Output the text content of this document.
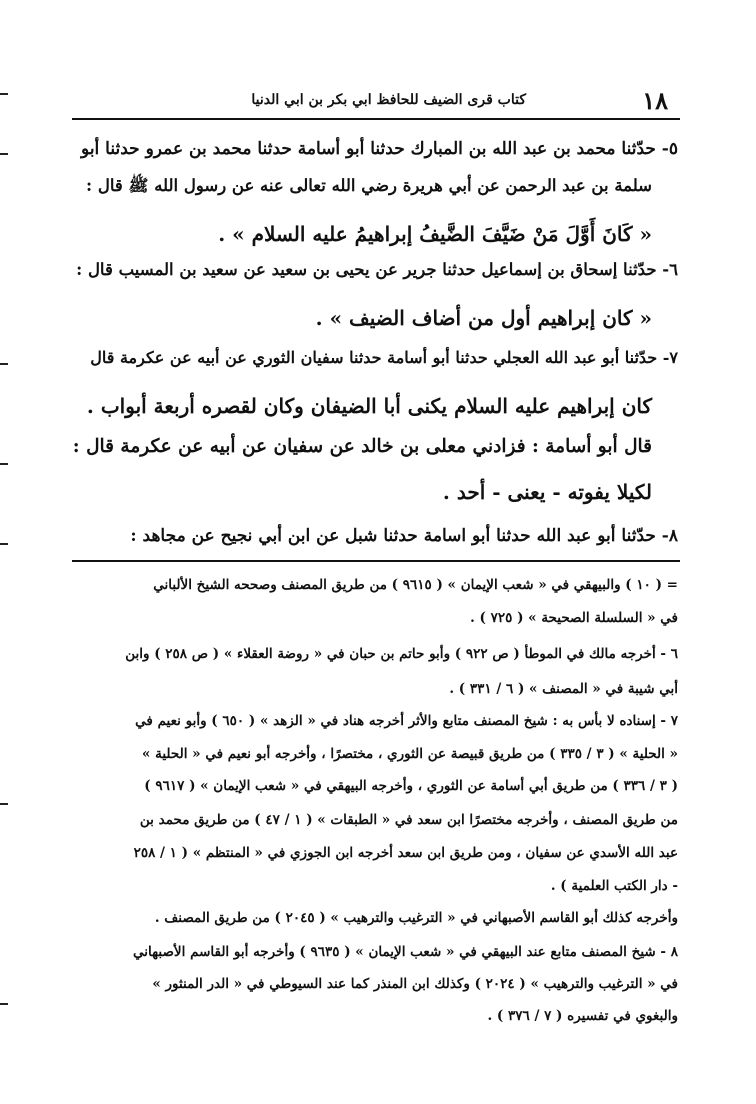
١٨
كتاب قرى الضيف للحافظ ابي بكر بن ابي الدنيا
٥- حدّثنا محمد بن عبد الله بن المبارك حدثنا أبو أسامة حدثنا محمد بن عمرو حدثنا أبو
سلمة بن عبد الرحمن عن أبي هريرة رضي الله تعالى عنه عن رسول الله ﷺ قال :
« كَانَ أَوَّلَ مَنْ ضَيَّفَ الضَّيفُ إبراهيمُ عليه السلام » .
٦- حدّثنا إسحاق بن إسماعيل حدثنا جرير عن يحيى بن سعيد عن سعيد بن المسيب قال :
« كان إبراهيم أول من أضاف الضيف » .
٧- حدّثنا أبو عبد الله العجلي حدثنا أبو أسامة حدثنا سفيان الثوري عن أبيه عن عكرمة قال
كان إبراهيم عليه السلام يكنى أبا الضيفان وكان لقصره أربعة أبواب .
قال أبو أسامة : فزادني معلى بن خالد عن سفيان عن أبيه عن عكرمة قال :
لكيلا يفوته - يعنى - أحد .
٨- حدّثنا أبو عبد الله حدثنا أبو اسامة حدثنا شبل عن ابن أبي نجيح عن مجاهد :
= ( ١٠ ) والبيهقي في « شعب الإيمان » ( ٩٦١٥ ) من طريق المصنف وصححه الشيخ الألباني
في « السلسلة الصحيحة » ( ٧٢٥ ) .
٦ - أخرجه مالك في الموطأ ( ص ٩٢٢ ) وأبو حاتم بن حبان في « روضة العقلاء » ( ص ٢٥٨ ) وابن
أبي شيبة في « المصنف » ( ٦ / ٣٣١ ) .
٧ - إسناده لا بأس به : شيخ المصنف متابع والأثر أخرجه هناد في « الزهد » ( ٦٥٠ ) وأبو نعيم في
« الحلية » ( ٣ / ٣٣٥ ) من طريق قبيصة عن الثوري ، مختصرًا ، وأخرجه أبو نعيم في « الحلية »
( ٣ / ٣٣٦ ) من طريق أبي أسامة عن الثوري ، وأخرجه البيهقي في « شعب الإيمان » ( ٩٦١٧ )
من طريق المصنف ، وأخرجه مختصرًا ابن سعد في « الطبقات » ( ١ / ٤٧ ) من طريق محمد بن
عبد الله الأسدي عن سفيان ، ومن طريق ابن سعد أخرجه ابن الجوزي في « المنتظم » ( ١ / ٢٥٨
- دار الكتب العلمية ) .
وأخرجه كذلك أبو القاسم الأصبهاني في « الترغيب والترهيب » ( ٢٠٤٥ ) من طريق المصنف .
٨ - شيخ المصنف متابع عند البيهقي في « شعب الإيمان » ( ٩٦٣٥ ) وأخرجه أبو القاسم الأصبهاني
في « الترغيب والترهيب » ( ٢٠٢٤ ) وكذلك ابن المنذر كما عند السيوطي في « الدر المنثور »
والبغوي في تفسيره ( ٧ / ٣٧٦ ) .
